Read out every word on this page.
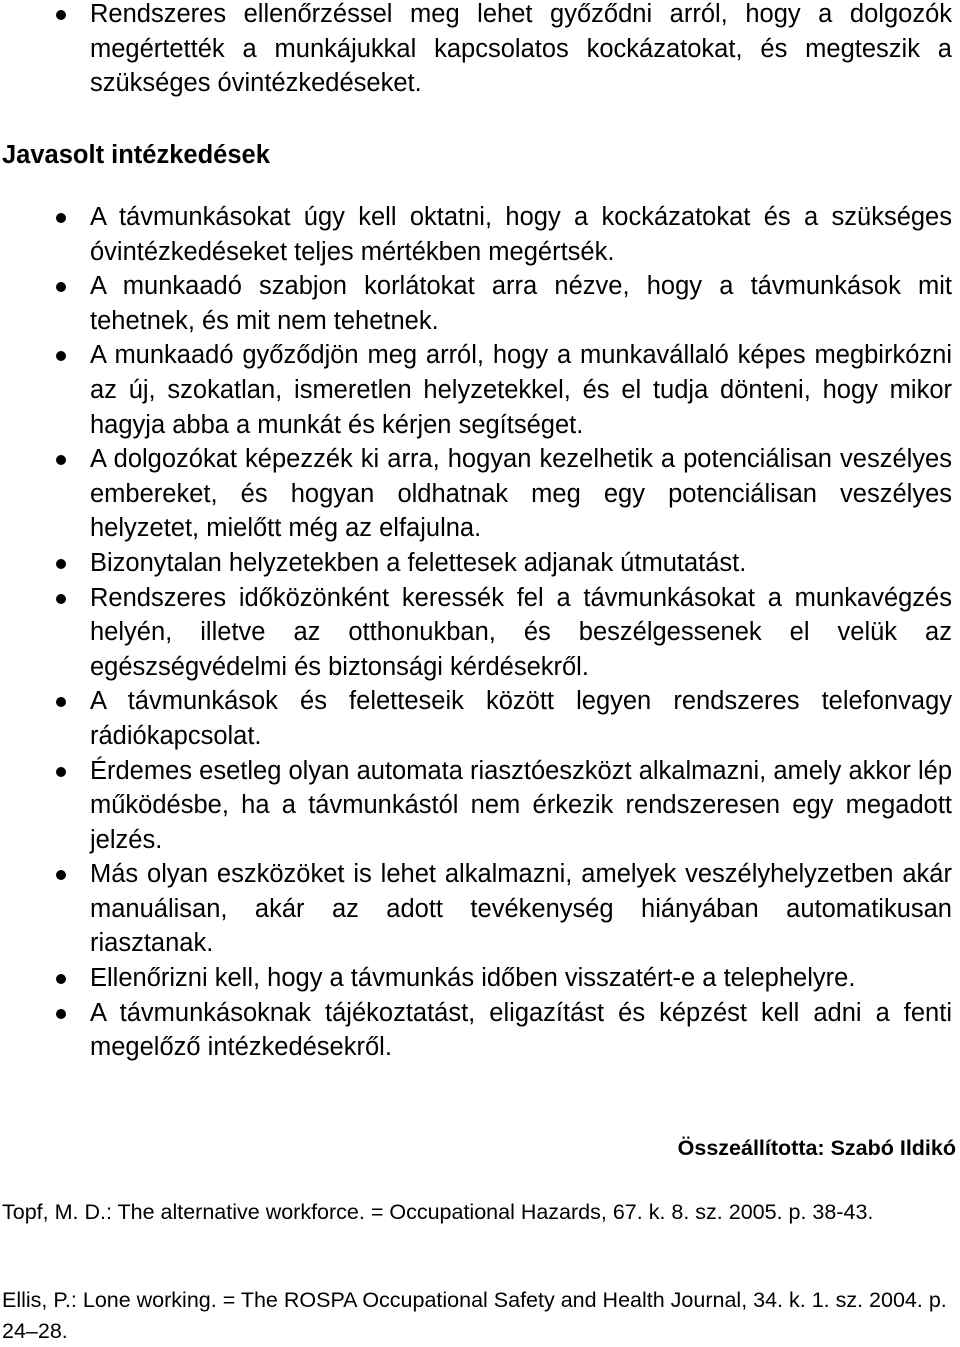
Rendszeres ellenőrzéssel meg lehet győződni arról, hogy a dolgozók megértették a munkájukkal kapcsolatos kockázatokat, és megteszik a szükséges óvintézkedéseket.
Javasolt intézkedések
A távmunkásokat úgy kell oktatni, hogy a kockázatokat és a szükséges óvintézkedéseket teljes mértékben megértsék.
A munkaadó szabjon korlátokat arra nézve, hogy a távmunkások mit tehetnek, és mit nem tehetnek.
A munkaadó győződjön meg arról, hogy a munkavállaló képes megbirkózni az új, szokatlan, ismeretlen helyzetekkel, és el tudja dönteni, hogy mikor hagyja abba a munkát és kérjen segítséget.
A dolgozókat képezzék ki arra, hogyan kezelhetik a potenciálisan veszélyes embereket, és hogyan oldhatnak meg egy potenciálisan veszélyes helyzetet, mielőtt még az elfajulna.
Bizonytalan helyzetekben a felettesek adjanak útmutatást.
Rendszeres időközönként keressék fel a távmunkásokat a munkavégzés helyén, illetve az otthonukban, és beszélgessenek el velük az egészségvédelmi és biztonsági kérdésekről.
A távmunkások és feletteseik között legyen rendszeres telefonvagy rádiókapcsolat.
Érdemes esetleg olyan automata riasztóeszközt alkalmazni, amely akkor lép működésbe, ha a távmunkástól nem érkezik rendszeresen egy megadott jelzés.
Más olyan eszközöket is lehet alkalmazni, amelyek veszélyhelyzetben akár manuálisan, akár az adott tevékenység hiányában automatikusan riasztanak.
Ellenőrizni kell, hogy a távmunkás időben visszatért-e a telephelyre.
A távmunkásoknak tájékoztatást, eligazítást és képzést kell adni a fenti megelőző intézkedésekről.
Összeállította: Szabó Ildikó

Topf, M. D.: The alternative workforce. = Occupational Hazards, 67. k. 8. sz. 2005. p. 38-43.

Ellis, P.: Lone working. = The ROSPA Occupational Safety and Health Journal, 34. k. 1. sz. 2004. p. 24–28.
